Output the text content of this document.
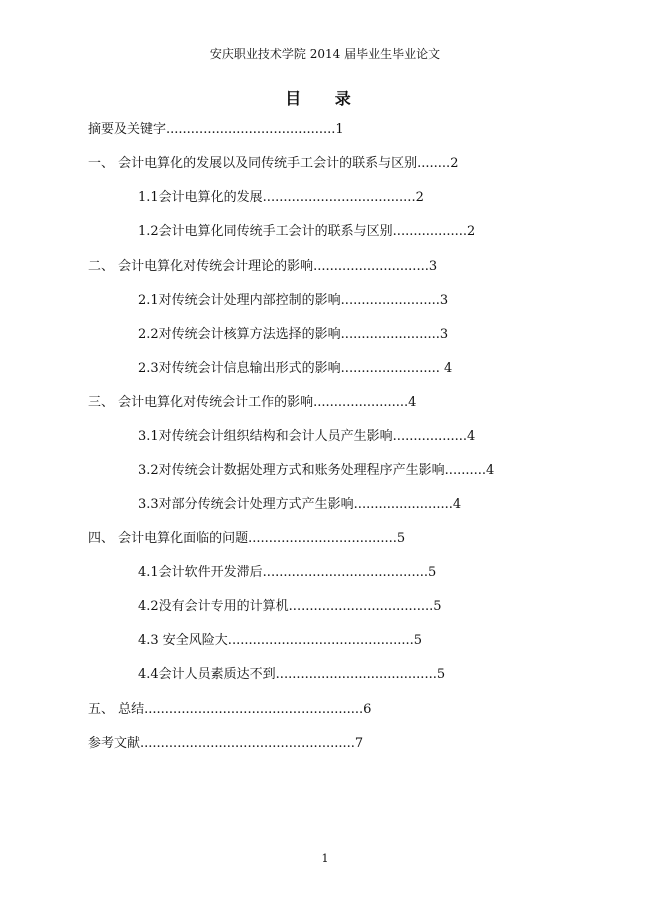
安庆职业技术学院 2014 届毕业生毕业论文
目 录
摘要及关键字.........................................1
一、 会计电算化的发展以及同传统手工会计的联系与区别........2
1.1会计电算化的发展.....................................2
1.2会计电算化同传统手工会计的联系与区别..................2
二、 会计电算化对传统会计理论的影响............................3
2.1对传统会计处理内部控制的影响........................3
2.2对传统会计核算方法选择的影响........................3
2.3对传统会计信息输出形式的影响........................ 4
三、 会计电算化对传统会计工作的影响.......................4
3.1对传统会计组织结构和会计人员产生影响..................4
3.2对传统会计数据处理方式和账务处理程序产生影响..........4
3.3对部分传统会计处理方式产生影响........................4
四、 会计电算化面临的问题....................................5
4.1会计软件开发滞后........................................5
4.2没有会计专用的计算机...................................5
4.3 安全风险大.............................................5
4.4会计人员素质达不到.......................................5
五、 总结.....................................................6
参考文献....................................................7
1
